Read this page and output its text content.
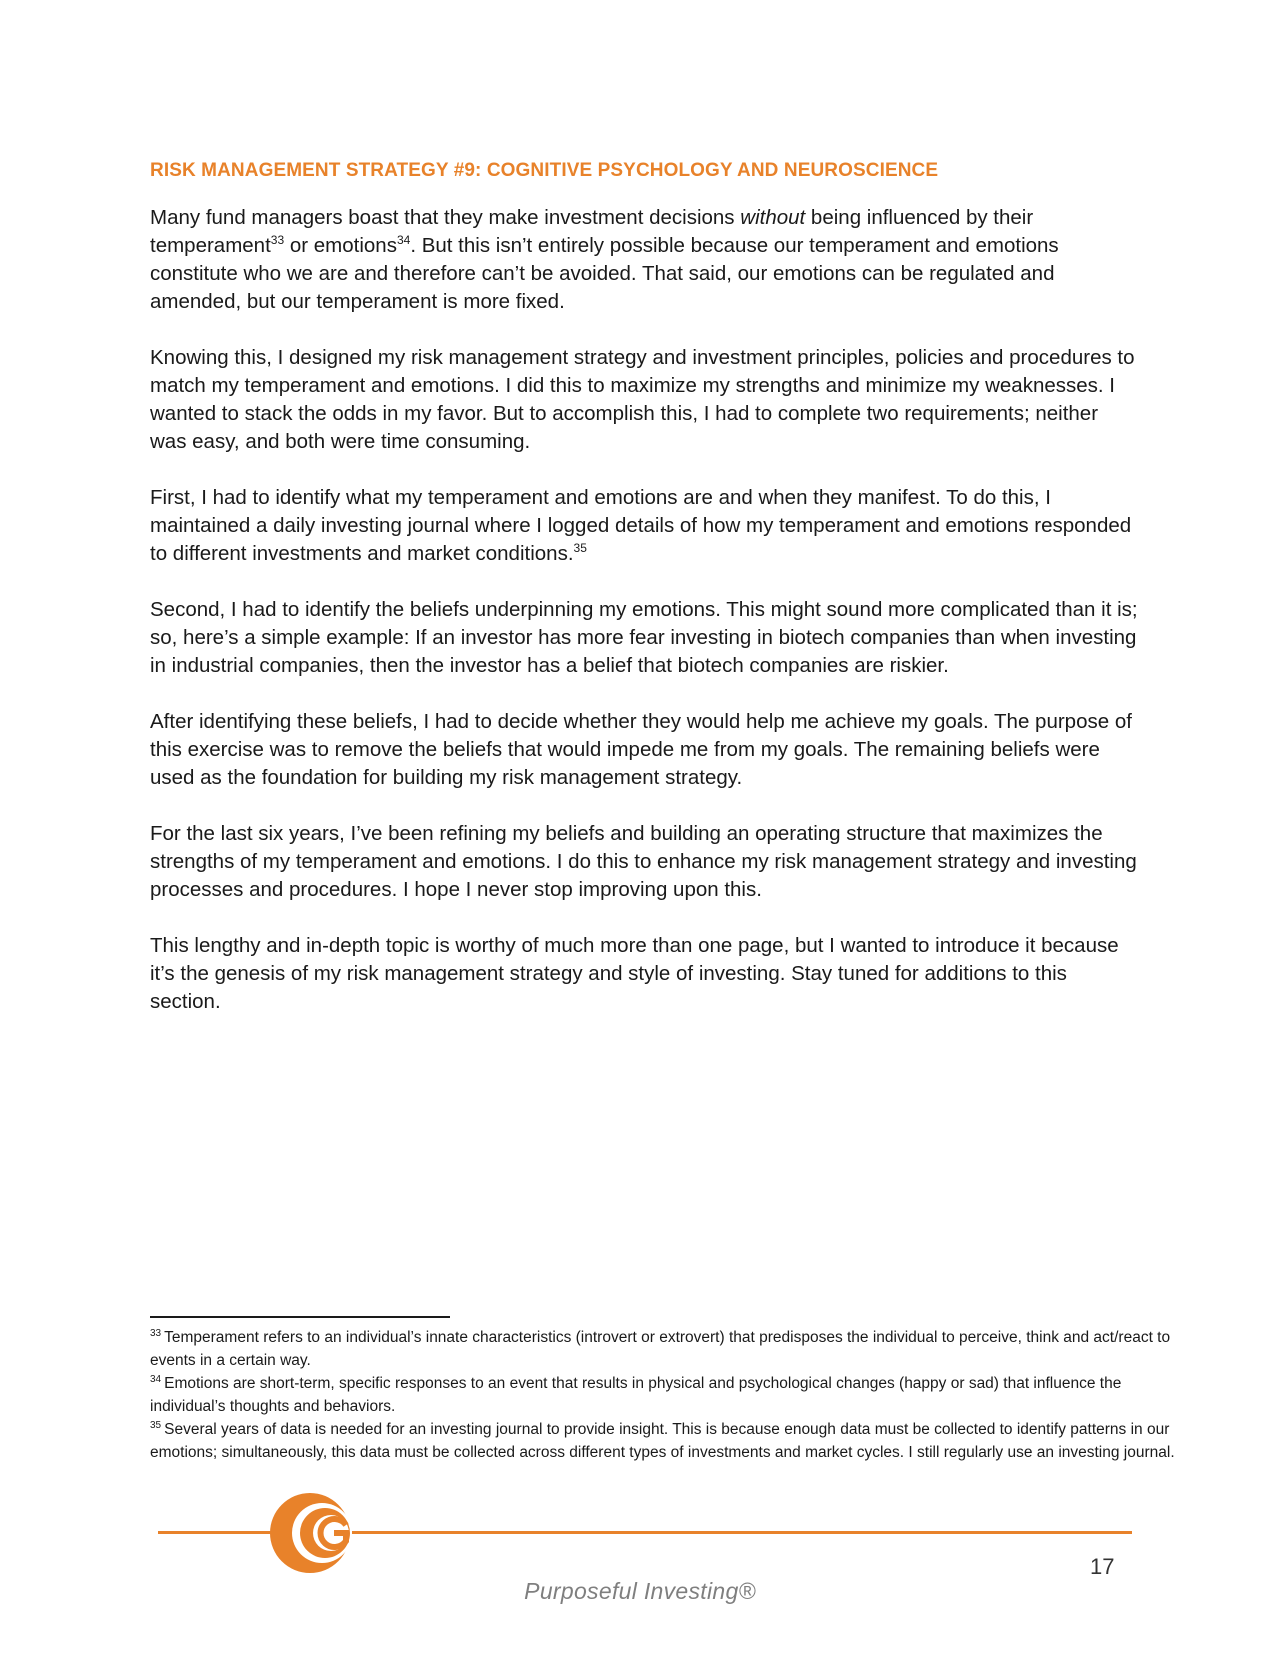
RISK MANAGEMENT STRATEGY #9: COGNITIVE PSYCHOLOGY AND NEUROSCIENCE

Many fund managers boast that they make investment decisions without being influenced by their temperament$^{33}$ or emotions$^{34}$. But this isn’t entirely possible because our temperament and emotions constitute who we are and therefore can’t be avoided. That said, our emotions can be regulated and amended, but our temperament is more fixed.

Knowing this, I designed my risk management strategy and investment principles, policies and procedures to match my temperament and emotions. I did this to maximize my strengths and minimize my weaknesses. I wanted to stack the odds in my favor. But to accomplish this, I had to complete two requirements; neither was easy, and both were time consuming.

First, I had to identify what my temperament and emotions are and when they manifest. To do this, I maintained a daily investing journal where I logged details of how my temperament and emotions responded to different investments and market conditions.$^{35}$

Second, I had to identify the beliefs underpinning my emotions. This might sound more complicated than it is; so, here’s a simple example: If an investor has more fear investing in biotech companies than when investing in industrial companies, then the investor has a belief that biotech companies are riskier.

After identifying these beliefs, I had to decide whether they would help me achieve my goals. The purpose of this exercise was to remove the beliefs that would impede me from my goals. The remaining beliefs were used as the foundation for building my risk management strategy.

For the last six years, I’ve been refining my beliefs and building an operating structure that maximizes the strengths of my temperament and emotions. I do this to enhance my risk management strategy and investing processes and procedures. I hope I never stop improving upon this.

This lengthy and in-depth topic is worthy of much more than one page, but I wanted to introduce it because it’s the genesis of my risk management strategy and style of investing. Stay tuned for additions to this section.

$^{33}$ Temperament refers to an individual’s innate characteristics (introvert or extrovert) that predisposes the individual to perceive, think and act/react to events in a certain way.

$^{34}$ Emotions are short-term, specific responses to an event that results in physical and psychological changes (happy or sad) that influence the individual’s thoughts and behaviors.

$^{35}$ Several years of data is needed for an investing journal to provide insight. This is because enough data must be collected to identify patterns in our emotions; simultaneously, this data must be collected across different types of investments and market cycles. I still regularly use an investing journal.

17
Purposeful Investing®
